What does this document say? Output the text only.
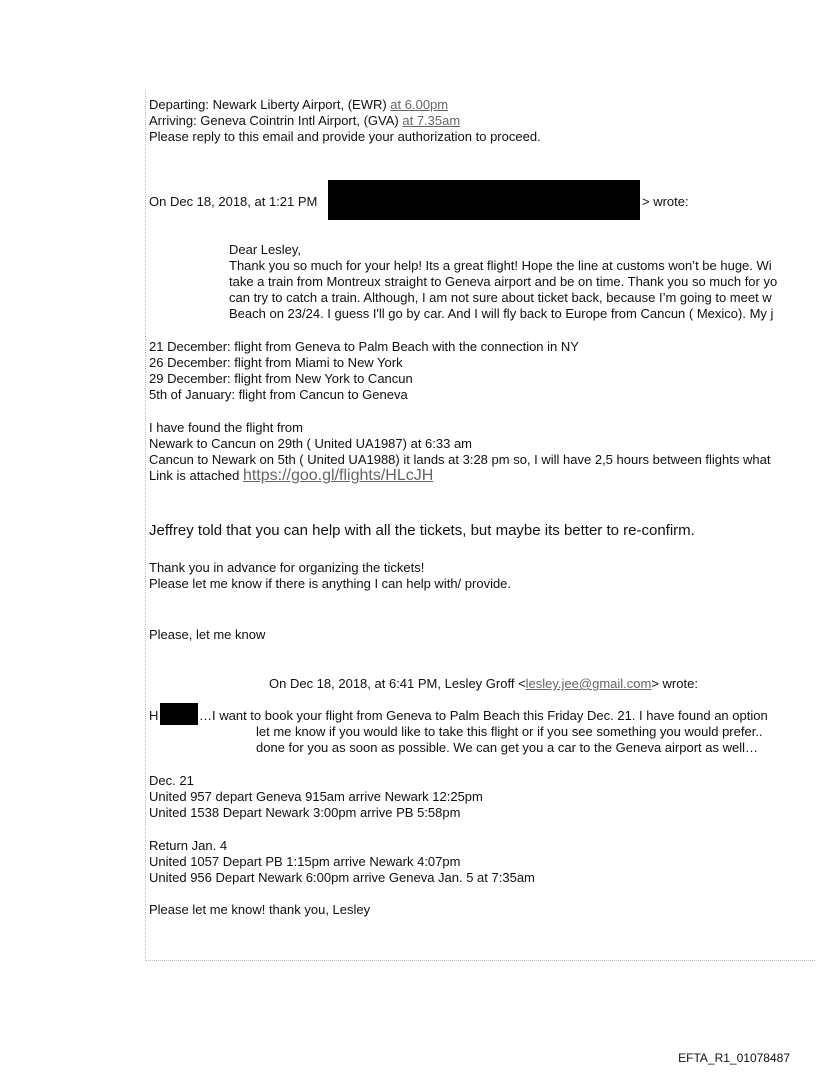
Departing: Newark Liberty Airport, (EWR) at 6.00pm
Arriving: Geneva Cointrin Intl Airport, (GVA) at 7.35am
Please reply to this email and provide your authorization to proceed.
On Dec 18, 2018, at 1:21 PM	> wrote:
Dear Lesley,
Thank you so much for your help! Its a great flight! Hope the line at customs won’t be huge. Wi
take a train from Montreux straight to Geneva airport and be on time. Thank you so much for yo
can try to catch a train. Although, I am not sure about ticket back, because I’m going to meet w
Beach on 23/24. I guess I'll go by car. And I will fly back to Europe from Cancun ( Mexico). My j
21 December: flight from Geneva to Palm Beach with the connection in NY
26 December: flight from Miami to New York
29 December: flight from New York to Cancun
5th of January: flight from Cancun to Geneva
I have found the flight from
Newark to Cancun on 29th ( United UA1987) at 6:33 am
Cancun to Newark on 5th ( United UA1988) it lands at 3:28 pm so, I will have 2,5 hours between flights what
Link is attached https://goo.gl/flights/HLcJH
Jeffrey told that you can help with all the tickets, but maybe its better to re-confirm.
Thank you in advance for organizing the tickets!
Please let me know if there is anything I can help with/ provide.
Please, let me know
On Dec 18, 2018, at 6:41 PM, Lesley Groff <lesley.jee@gmail.com> wrote:
H	…I want to book your flight from Geneva to Palm Beach this Friday Dec. 21. I have found an option
let me know if you would like to take this flight or if you see something you would prefer..
done for you as soon as possible. We can get you a car to the Geneva airport as well…
Dec. 21
United 957 depart Geneva 915am arrive Newark 12:25pm
United 1538 Depart Newark 3:00pm arrive PB 5:58pm
Return Jan. 4
United 1057 Depart PB 1:15pm arrive Newark 4:07pm
United 956 Depart Newark 6:00pm arrive Geneva Jan. 5 at 7:35am
Please let me know! thank you, Lesley
EFTA_R1_01078487
